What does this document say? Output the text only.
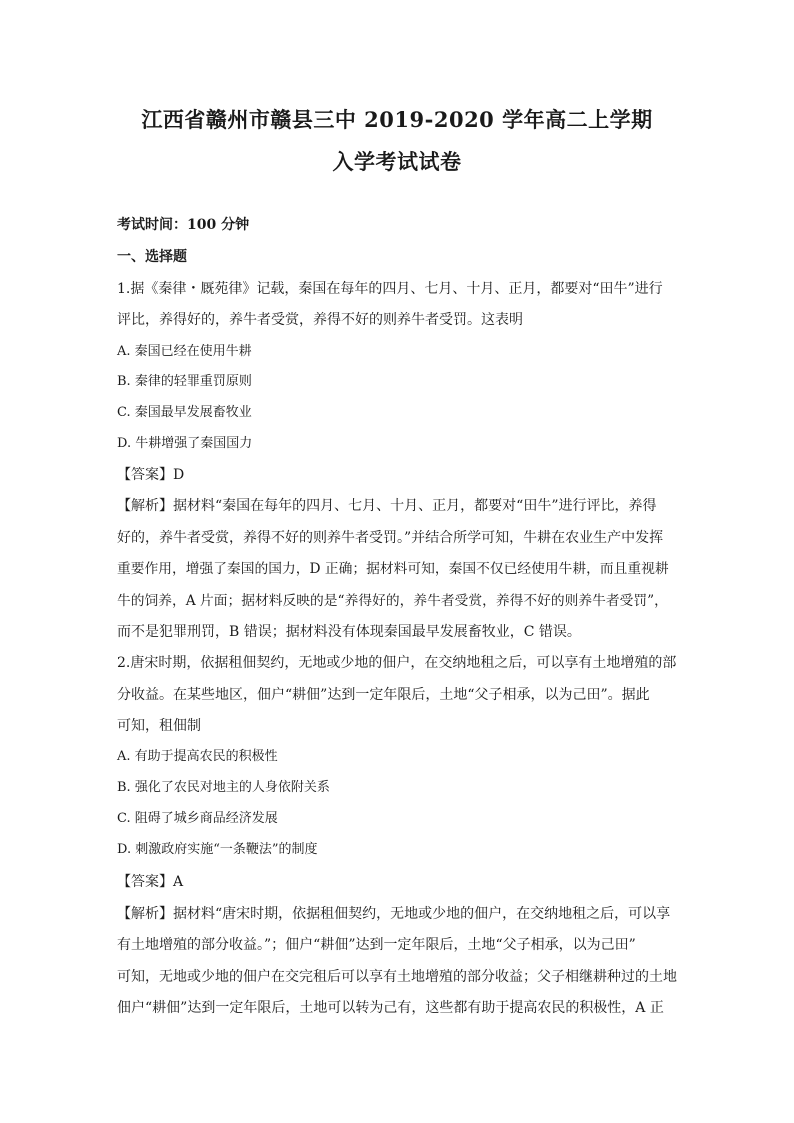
江西省赣州市赣县三中 2019-2020 学年高二上学期
入学考试试卷

考试时间：100 分钟

一、选择题

1.据《秦律・厩苑律》记载，秦国在每年的四月、七月、十月、正月，都要对“田牛”进行

评比，养得好的，养牛者受赏，养得不好的则养牛者受罚。这表明

A. 秦国已经在使用牛耕

B. 秦律的轻罪重罚原则

C. 秦国最早发展畜牧业

D. 牛耕增强了秦国国力

【答案】D

【解析】据材料“秦国在每年的四月、七月、十月、正月，都要对“田牛”进行评比，养得

好的，养牛者受赏，养得不好的则养牛者受罚。”并结合所学可知，牛耕在农业生产中发挥

重要作用，增强了秦国的国力，D 正确；据材料可知，秦国不仅已经使用牛耕，而且重视耕

牛的饲养，A 片面；据材料反映的是“养得好的，养牛者受赏，养得不好的则养牛者受罚”，

而不是犯罪刑罚，B 错误；据材料没有体现秦国最早发展畜牧业，C 错误。

2.唐宋时期，依据租佃契约，无地或少地的佃户，在交纳地租之后，可以享有土地增殖的部

分收益。在某些地区，佃户“耕佃”达到一定年限后，土地“父子相承，以为己田”。据此

可知，租佃制

A. 有助于提高农民的积极性

B. 强化了农民对地主的人身依附关系

C. 阻碍了城乡商品经济发展

D. 刺激政府实施“一条鞭法”的制度

【答案】A

【解析】据材料“唐宋时期，依据租佃契约，无地或少地的佃户，在交纳地租之后，可以享

有土地增殖的部分收益。”；佃户“耕佃”达到一定年限后，土地“父子相承，以为己田”

可知，无地或少地的佃户在交完租后可以享有土地增殖的部分收益；父子相继耕种过的土地

佃户“耕佃”达到一定年限后，土地可以转为己有，这些都有助于提高农民的积极性，A 正
